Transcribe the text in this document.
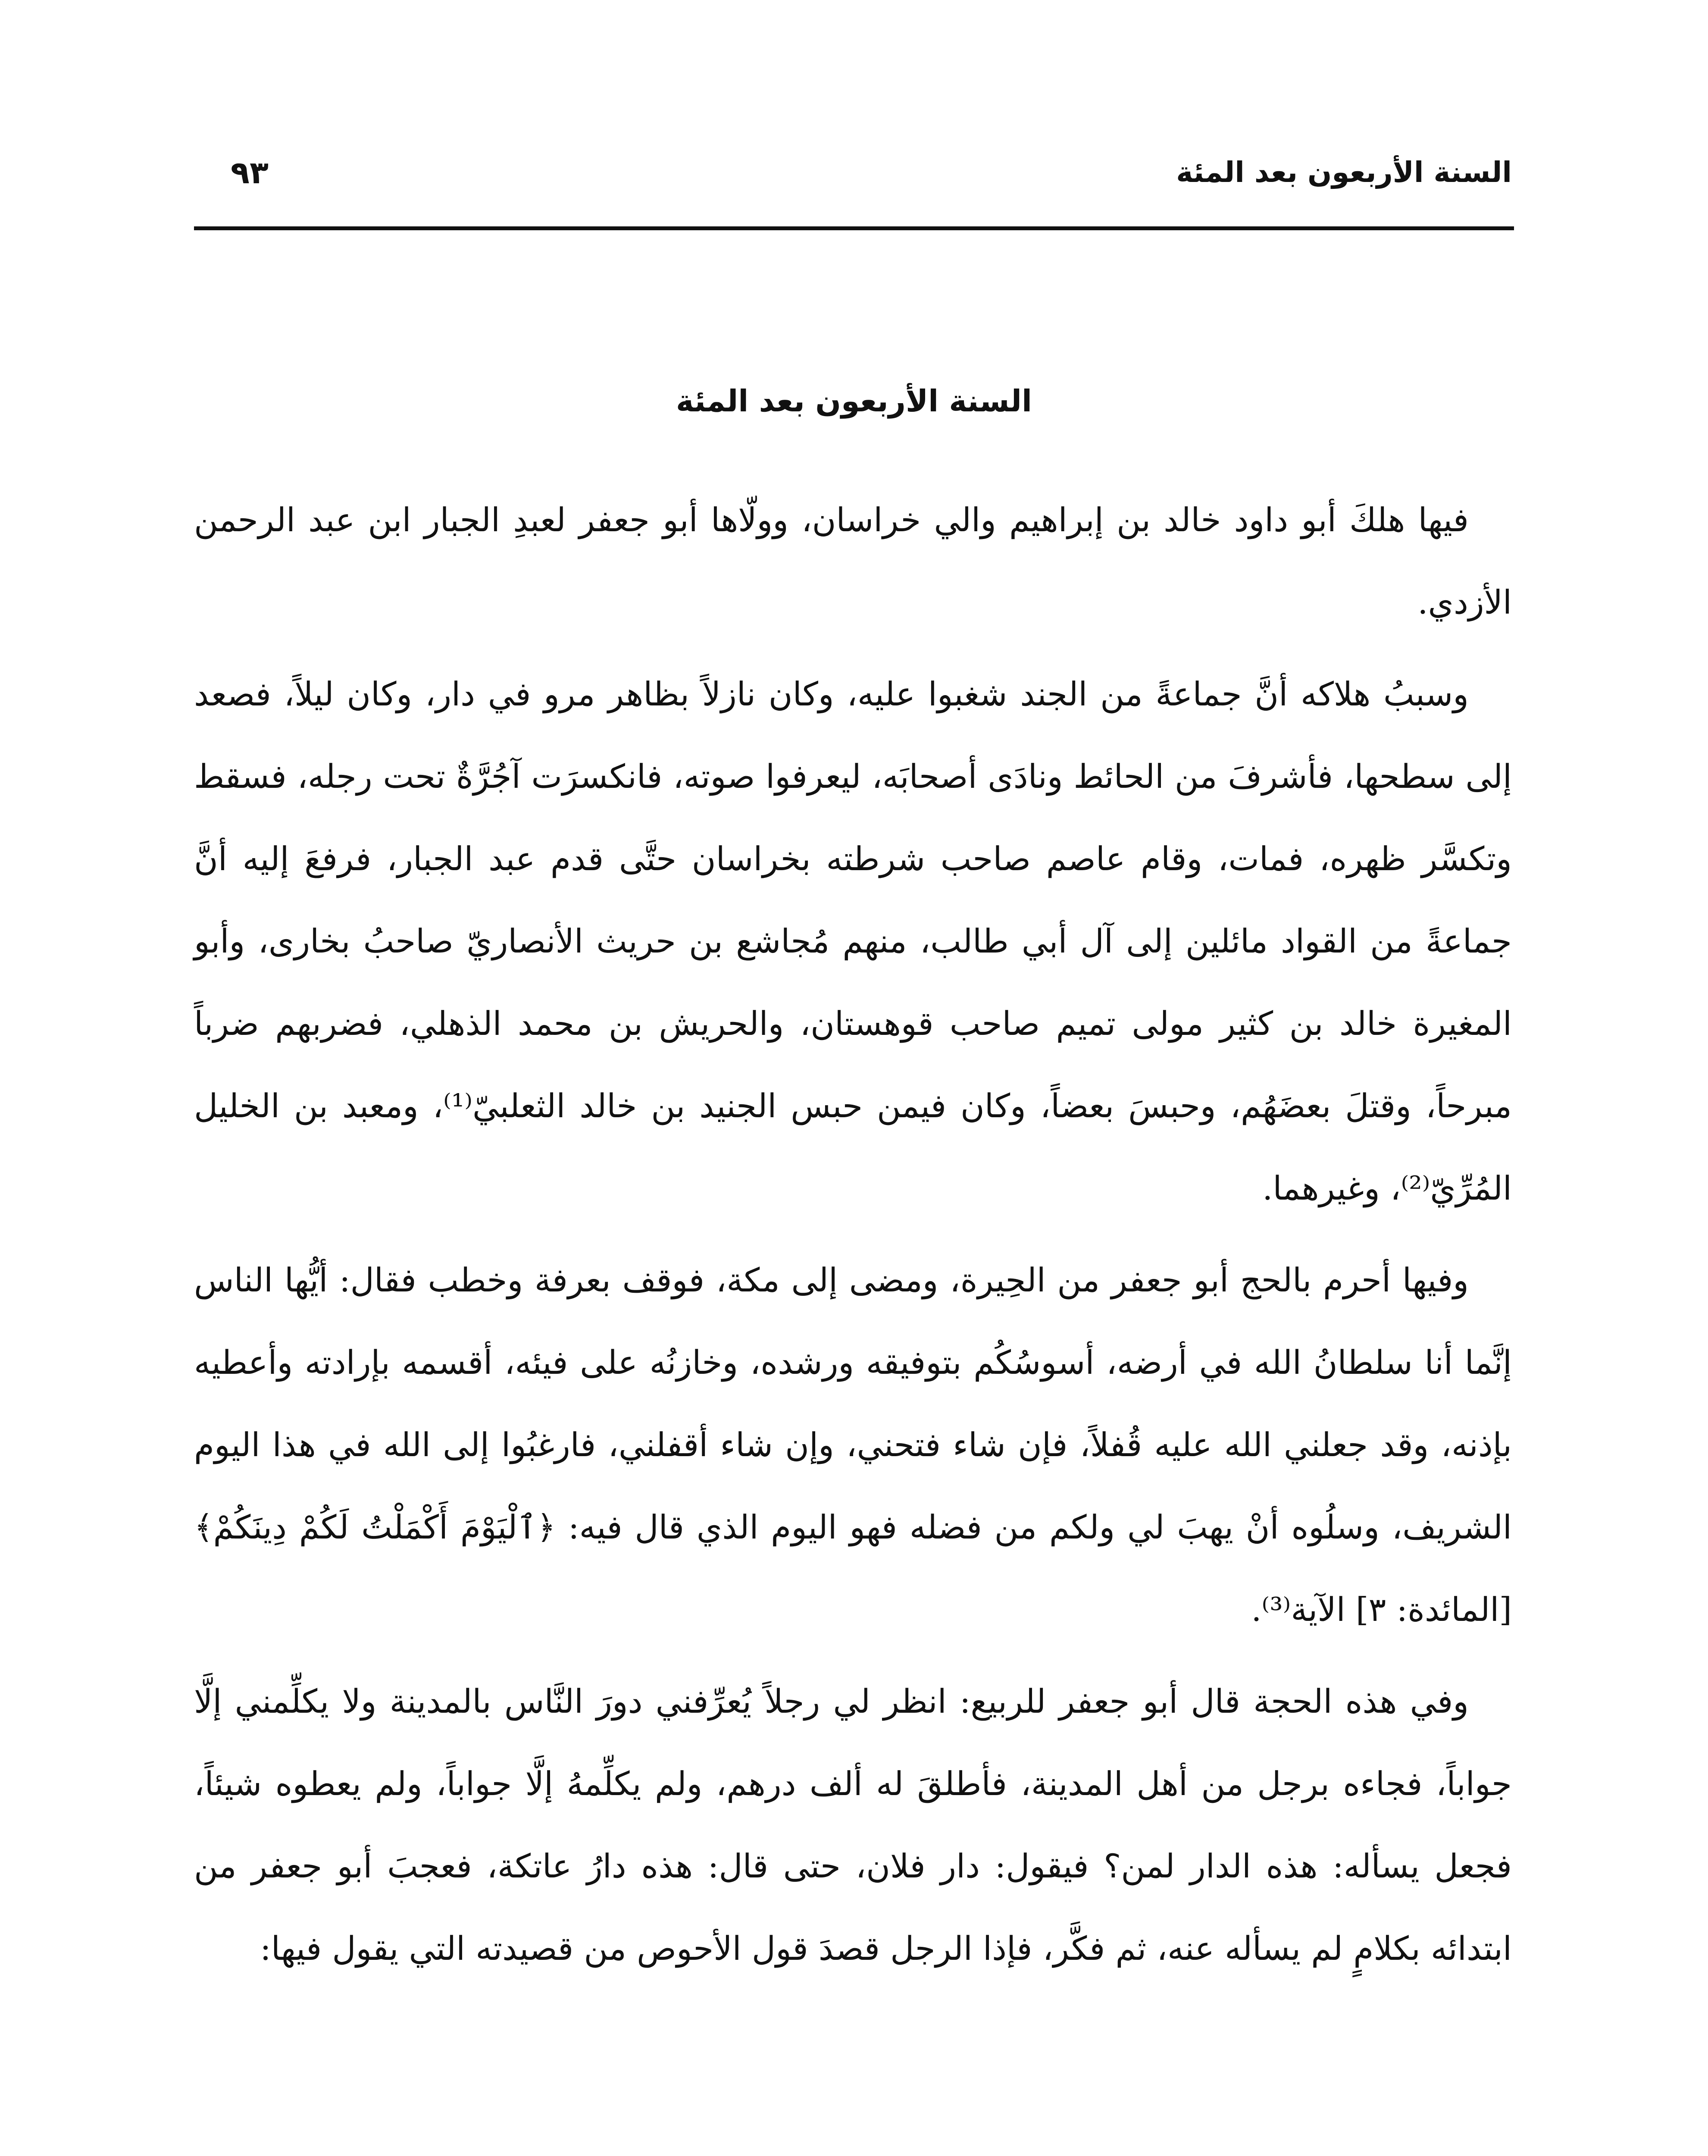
السنة الأربعون بعد المئة
٩٣
السنة الأربعون بعد المئة

فيها هلكَ أبو داود خالد بن إبراهيم والي خراسان، وولّاها أبو جعفر لعبدِ الجبار ابن عبد الرحمن الأزدي.

وسببُ هلاكه أنَّ جماعةً من الجند شغبوا عليه، وكان نازلاً بظاهر مرو في دار، وكان ليلاً، فصعد إلى سطحها، فأشرفَ من الحائط ونادَى أصحابَه، ليعرفوا صوته، فانكسرَت آجُرَّةٌ تحت رجله، فسقط وتكسَّر ظهره، فمات، وقام عاصم صاحب شرطته بخراسان حتَّى قدم عبد الجبار، فرفعَ إليه أنَّ جماعةً من القواد مائلين إلى آل أبي طالب، منهم مُجاشع بن حريث الأنصاريّ صاحبُ بخارى، وأبو المغيرة خالد بن كثير مولى تميم صاحب قوهستان، والحريش بن محمد الذهلي، فضربهم ضرباً مبرحاً، وقتلَ بعضَهُم، وحبسَ بعضاً، وكان فيمن حبس الجنيد بن خالد الثعلبيّ⁽¹⁾، ومعبد بن الخليل المُرِّيّ⁽²⁾، وغيرهما.

وفيها أحرم بالحج أبو جعفر من الحِيرة، ومضى إلى مكة، فوقف بعرفة وخطب فقال: أيُّها الناس إنَّما أنا سلطانُ الله في أرضه، أسوسُكُم بتوفيقه ورشده، وخازنُه على فيئه، أقسمه بإرادته وأعطيه بإذنه، وقد جعلني الله عليه قُفلاً، فإن شاء فتحني، وإن شاء أقفلني، فارغبُوا إلى الله في هذا اليوم الشريف، وسلُوه أنْ يهبَ لي ولكم من فضله فهو اليوم الذي قال فيه: ﴿ٱلْيَوْمَ أَكْمَلْتُ لَكُمْ دِينَكُمْ﴾ [المائدة: ٣] الآية⁽³⁾.

وفي هذه الحجة قال أبو جعفر للربيع: انظر لي رجلاً يُعرِّفني دورَ النَّاس بالمدينة ولا يكلِّمني إلَّا جواباً، فجاءه برجل من أهل المدينة، فأطلقَ له ألف درهم، ولم يكلِّمهُ إلَّا جواباً، ولم يعطوه شيئاً، فجعل يسأله: هذه الدار لمن؟ فيقول: دار فلان، حتى قال: هذه دارُ عاتكة، فعجبَ أبو جعفر من ابتدائه بكلامٍ لم يسأله عنه، ثم فكَّر، فإذا الرجل قصدَ قول الأحوص من قصيدته التي يقول فيها:
